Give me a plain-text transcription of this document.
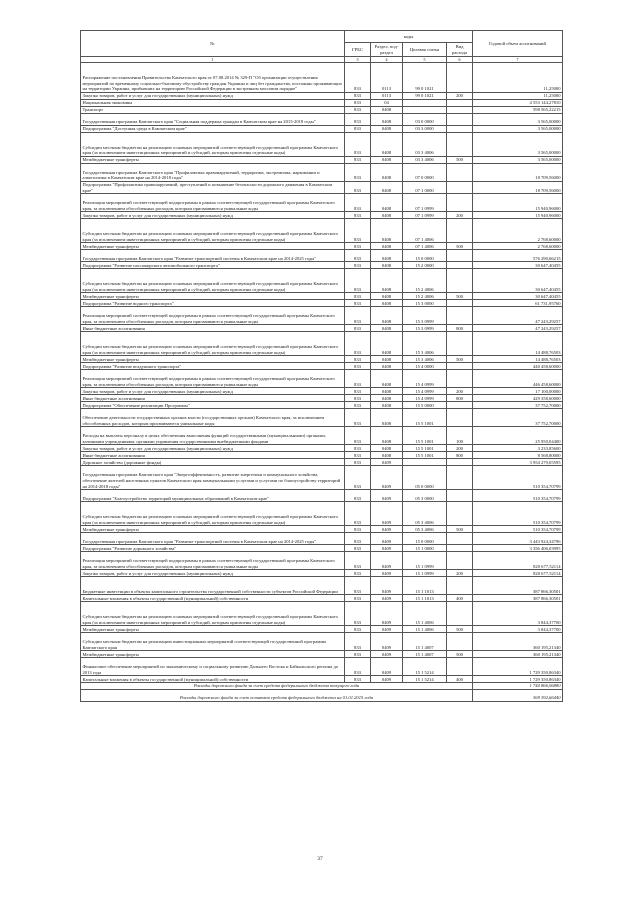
№	коды				Годовой объем ассигнований
	ГРБС	Раздел, под-раздел	Целевая статья	Вид расхода	
1	3	4	5	6	7
Распоряжение постановления Правительства Камчатского края от 07.08.2014 № 329-П "Об организации осуществления мероприятий по временному социально-бытовому обустройству граждан Украины и лиц без гражданства, постоянно проживающих на территории Украины, прибывших на территорию Российской Федерации в экстренном массовом порядке"	833	0113	99 0 1021		11,25000
Закупка товаров, работ и услуг для государственных (муниципальных) нужд	833	0113	99 0 1021	200	11,25000
Национальная экономика	833	04			4 553 144,27810
Транспорт	833	0408			598 565,22215
Государственная программа Камчатского края "Социальная поддержка граждан в Камчатском крае на 2015-2018 годы"	833	0408	03 0 0000		3 565,00000
Подпрограмма "Доступная среда в Камчатском крае"	833	0408	03 3 0000		3 565,00000
Субсидии местным бюджетам на реализацию основных мероприятий соответствующей государственной программы Камчатского края (за исключением инвестиционных мероприятий и субсидий, которым присвоены отдельные коды)	833	0408	03 3 4006		3 565,00000
Межбюджетные трансферты	833	0408	03 3 4006	500	3 565,00000
Государственная программа Камчатского края "Профилактика правонарушений, терроризма, экстремизма, наркомании и алкоголизма в Камчатском крае на 2014-2018 годы"	833	0408	07 0 0000		18 709,56000
Подпрограмма "Профилактика правонарушений, преступлений и повышение безопасности дорожного движения в Камчатском крае"	833	0408	07 1 0000		18 709,56000
Реализация мероприятий соответствующей подпрограммы в рамках соответствующей государственной программы Камчатского края, за исключением обособленных расходов, которым присваиваются уникальные коды	833	0408	07 1 0999		15 940,96000
Закупка товаров, работ и услуг для государственных (муниципальных) нужд	833	0408	07 1 0999	200	15 940,96000
Субсидии местным бюджетам на реализацию основных мероприятий соответствующей государственной программы Камчатского края (за исключением инвестиционных мероприятий и субсидий, которым присвоены отдельные коды)	833	0408	07 1 4006		2 768,60000
Межбюджетные трансферты	833	0408	07 1 4006	500	2 768,60000
Государственная программа Камчатского края "Развитие транспортной системы в Камчатском крае на 2014-2025 годы"	833	0408	15 0 0000		576 290,66215
Подпрограмма "Развитие пассажирского автомобильного транспорта"	833	0408	15 2 0000		30 647,40455
Субсидии местным бюджетам на реализацию основных мероприятий соответствующей государственной программы Камчатского края (за исключением инвестиционных мероприятий и субсидий, которым присвоены отдельные коды)	833	0408	15 2 4006		30 647,40455
Межбюджетные трансферты	833	0408	15 2 4006	500	30 647,40455
Подпрограмма "Развитие водного транспорта"	833	0408	15 3 0000		61 731,95760
Реализация мероприятий соответствующей подпрограммы в рамках соответствующей государственной программы Камчатского края, за исключением обособленных расходов, которым присваиваются уникальные коды	833	0408	15 3 0999		47 243,29257
Иные бюджетные ассигнования	833	0408	15 3 0999	800	47 243,29257
Субсидии местным бюджетам на реализацию основных мероприятий соответствующей государственной программы Камчатского края (за исключением инвестиционных мероприятий и субсидий, которым присвоены отдельные коды)	833	0408	15 3 4006		14 488,76503
Межбюджетные трансферты	833	0408	15 3 4006	500	14 488,76503
Подпрограмма "Развитие воздушного транспорта"	833	0408	15 4 0000		440 458,60000
Реализация мероприятий соответствующей подпрограммы в рамках соответствующей государственной программы Камчатского края, за исключением обособленных расходов, которым присваиваются уникальные коды	833	0408	15 4 0999		446 458,60000
Закупка товаров, работ и услуг для государственных (муниципальных) нужд	833	0408	15 4 0999	200	17 100,00000
Иные бюджетные ассигнования	833	0408	15 4 0999	800	429 358,60000
Подпрограмма "Обеспечение реализации Программы"	833	0408	15 5 0000		37 752,70000
Обеспечение деятельности государственных органов власти (государственных органов) Камчатского края, за исключением обособленных расходов, которым присваиваются уникальные коды	833	0408	15 5 1001		37 752,70000
Расходы на выплаты персоналу в целях обеспечения выполнения функций государственными (муниципальными) органами, казенными учреждениями, органами управления государственными внебюджетными фондами	833	0408	15 5 1001	100	25 950,04400
Закупка товаров, работ и услуг для государственных (муниципальных) нужд	833	0408	15 5 1001	200	3 233,85600
Иные бюджетные ассигнования	833	0408	15 5 1001	800	8 568,80000
Дорожное хозяйство (дорожные фонды)	833	0409			3 954 279,05595
Государственная программа Камчатского края "Энергоэффективность, развитие энергетики и коммунального хозяйства, обеспечение жителей населенных пунктов Камчатского края коммунальными услугами и услугами по благоустройству территорий на 2014-2018 годы"	833	0409	05 0 0000		510 354,70799
Подпрограмма "Благоустройство территорий муниципальных образований в Камчатском крае"	833	0409	05 3 0000		510 354,70799
Субсидии местным бюджетам на реализацию основных мероприятий соответствующей государственной программы Камчатского края (за исключением инвестиционных мероприятий и субсидий, которым присвоены отдельные коды)	833	0409	05 3 4006		510 354,70799
Межбюджетные трансферты	833	0409	05 3 4006	500	510 354,70799
Государственная программа Камчатского края "Развитие транспортной системы в Камчатском крае на 2014-2025 годы"	833	0409	15 0 0000		3 443 924,34796
Подпрограмма "Развитие дорожного хозяйства"	833	0409	15 1 0000		3 356 406,03995
Реализация мероприятий соответствующей подпрограммы в рамках соответствующей государственной программы Камчатского края, за исключением обособленных расходов, которым присваиваются уникальные коды	833	0409	15 1 0999		820 677,52114
Закупка товаров, работ и услуг для государственных (муниципальных) нужд	833	0409	15 1 0999	200	820 677,52114
Бюджетные инвестиции в объекты капитального строительства государственной собственности субъектов Российской Федерации	833	0409	15 1 1013		387 866,30501
Капитальные вложения в объекты государственной (муниципальной) собственности	833	0409	15 1 1013	400	387 866,30501
Субсидии местным бюджетам на реализацию основных мероприятий соответствующей государственной программы Камчатского края (за исключением инвестиционных мероприятий и субсидий, которым присвоены отдельные коды)	833	0409	15 1 4006		3 844,37700
Межбюджетные трансферты	833	0409	15 1 4006	500	3 844,37700
Субсидии местным бюджетам на реализацию инвестиционных мероприятий соответствующей государственной программы Камчатского края	833	0409	15 1 4007		360 195,21340
Межбюджетные трансферты	833	0409	15 1 4007	500	360 195,21340
Финансовое обеспечение мероприятий по экономическому и социальному развитию Дальнего Востока и Байкальского региона до 2013 года	833	0409	15 1 5214		1 729 350,86340
Капитальные вложения в объекты государственной (муниципальной) собственности	833	0409	15 1 5214	400	1 729 350,86340
Расходы дорожного фонда за счет средств федерального бюджета текущего года					1 744 866,06880
Расходы дорожного фонда за счет остатков средств федерального бюджета на 01.01.2015 года					369 392,66440
37
